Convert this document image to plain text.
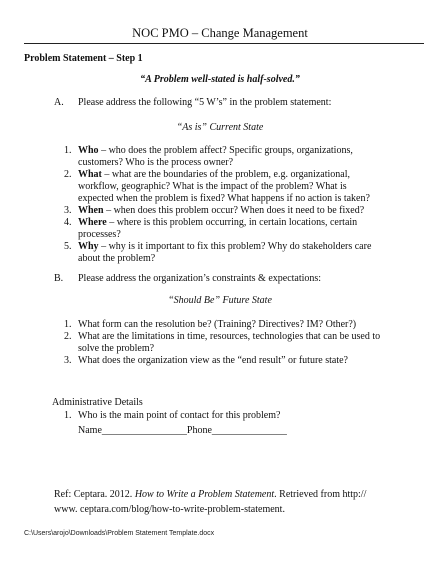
NOC PMO – Change Management
Problem Statement – Step 1
“A Problem well-stated is half-solved.”
A. Please address the following “5 W’s” in the problem statement:
“As is” Current State
1. Who – who does the problem affect? Specific groups, organizations,
customers? Who is the process owner?
2. What – what are the boundaries of the problem, e.g. organizational,
workflow, geographic? What is the impact of the problem? What is
expected when the problem is fixed? What happens if no action is taken?
3. When – when does this problem occur? When does it need to be fixed?
4. Where – where is this problem occurring, in certain locations, certain
processes?
5. Why – why is it important to fix this problem? Why do stakeholders care
about the problem?
B. Please address the organization’s constraints & expectations:
“Should Be” Future State
1. What form can the resolution be? (Training? Directives? IM? Other?)
2. What are the limitations in time, resources, technologies that can be used to
solve the problem?
3. What does the organization view as the “end result” or future state?
Administrative Details
1. Who is the main point of contact for this problem?
Name_________________Phone_______________
Ref: Ceptara. 2012. How to Write a Problem Statement. Retrieved from http://
www. ceptara.com/blog/how-to-write-problem-statement.
C:\Users\arojo\Downloads\Problem Statement Template.docx
